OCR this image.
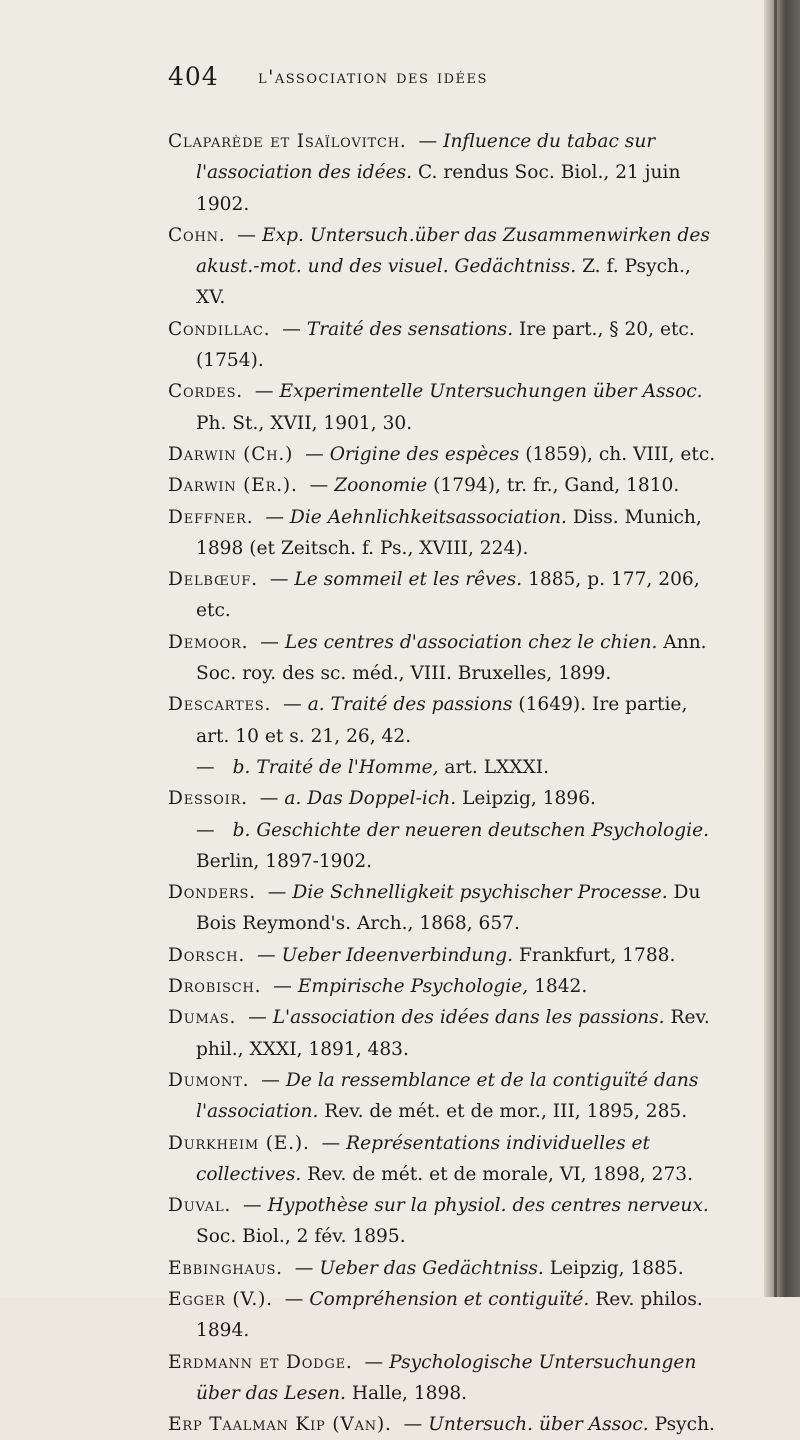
404 l'association des idées
Claparède et Isaïlovitch. — Influence du tabac sur l'association des idées. C. rendus Soc. Biol., 21 juin 1902.
Cohn. — Exp. Untersuch.über das Zusammenwirken des akust.-mot. und des visuel. Gedächtniss. Z. f. Psych., XV.
Condillac. — Traité des sensations. Ire part., § 20, etc. (1754).
Cordes. — Experimentelle Untersuchungen über Assoc. Ph. St., XVII, 1901, 30.
Darwin (Ch.) — Origine des espèces (1859), ch. VIII, etc.
Darwin (Er.). — Zoonomie (1794), tr. fr., Gand, 1810.
Deffner. — Die Aehnlichkeitsassociation. Diss. Munich, 1898 (et Zeitsch. f. Ps., XVIII, 224).
Delbœuf. — Le sommeil et les rêves. 1885, p. 177, 206, etc.
Demoor. — Les centres d'association chez le chien. Ann. Soc. roy. des sc. méd., VIII. Bruxelles, 1899.
Descartes. — a. Traité des passions (1649). Ire partie, art. 10 et s. 21, 26, 42.
— b. Traité de l'Homme, art. LXXXI.
Dessoir. — a. Das Doppel-ich. Leipzig, 1896.
— b. Geschichte der neueren deutschen Psychologie. Berlin, 1897-1902.
Donders. — Die Schnelligkeit psychischer Processe. Du Bois Reymond's. Arch., 1868, 657.
Dorsch. — Ueber Ideenverbindung. Frankfurt, 1788.
Drobisch. — Empirische Psychologie, 1842.
Dumas. — L'association des idées dans les passions. Rev. phil., XXXI, 1891, 483.
Dumont. — De la ressemblance et de la contiguïté dans l'association. Rev. de mét. et de mor., III, 1895, 285.
Durkheim (E.). — Représentations individuelles et collectives. Rev. de mét. et de morale, VI, 1898, 273.
Duval. — Hypothèse sur la physiol. des centres nerveux. Soc. Biol., 2 fév. 1895.
Ebbinghaus. — Ueber das Gedächtniss. Leipzig, 1885.
Egger (V.). — Compréhension et contiguïté. Rev. philos. 1894.
Erdmann et Dodge. — Psychologische Untersuchungen über das Lesen. Halle, 1898.
Erp Taalman Kip (Van). — Untersuch. über Assoc. Psych.
